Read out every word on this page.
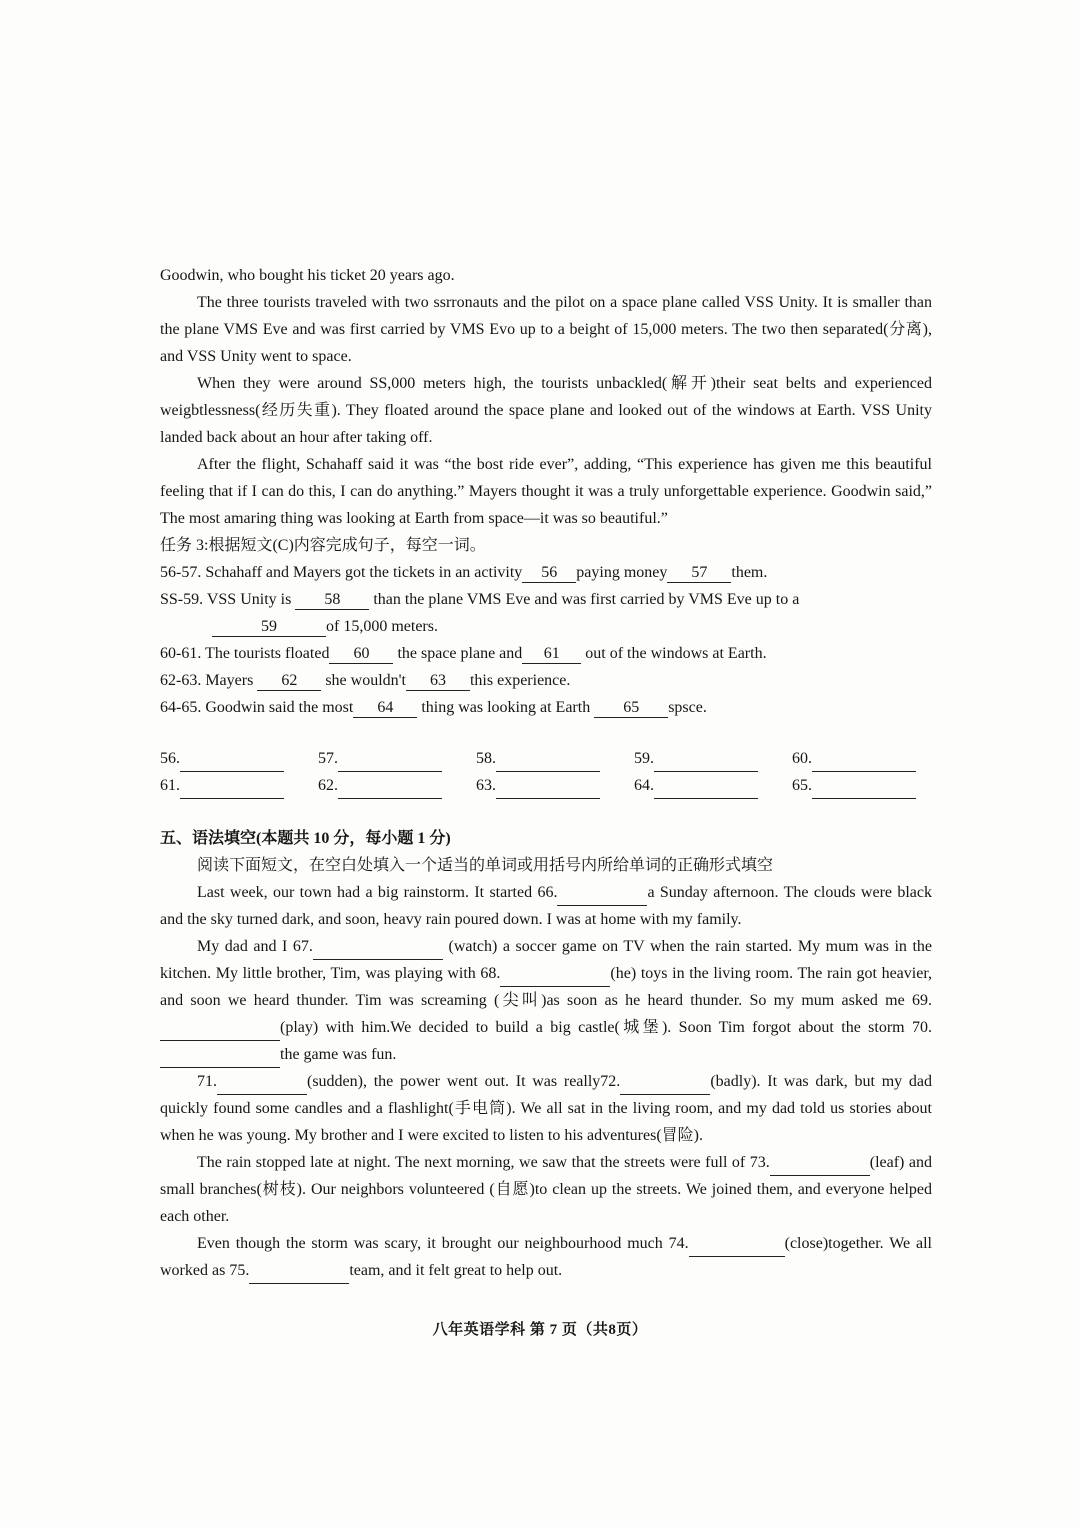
Goodwin, who bought his ticket 20 years ago.

The three tourists traveled with two ssrronauts and the pilot on a space plane called VSS Unity. It is smaller than the plane VMS Eve and was first carried by VMS Evo up to a beight of 15,000 meters. The two then separated(分离), and VSS Unity went to space.

When they were around SS,000 meters high, the tourists unbackled(解开)their seat belts and experienced weigbtlessness(经历失重). They floated around the space plane and looked out of the windows at Earth. VSS Unity landed back about an hour after taking off.

After the flight, Schahaff said it was “the bost ride ever”, adding, “This experience has given me this beautiful feeling that if I can do this, I can do anything.” Mayers thought it was a truly unforgettable experience. Goodwin said,” The most amaring thing was looking at Earth from space—it was so beautiful.”

任务 3:根据短文(C)内容完成句子，每空一词。

56-57. Schahaff and Mayers got the tickets in an activity 56 paying money 57 them.

SS-59. VSS Unity is 58 than the plane VMS Eve and was first carried by VMS Eve up to a

59	of 15,000 meters.

60-61. The tourists floated 60 the space plane and 61 out of the windows at Earth.

62-63. Mayers 62 she wouldn't 63 this experience.

64-65. Goodwin said the most 64 thing was looking at Earth 65 spsce.

56.	57.	58.	59.	60.
61.	62.	63.	64.	65.

五、语法填空(本题共 10 分，每小题 1 分)

阅读下面短文，在空白处填入一个适当的单词或用括号内所给单词的正确形式填空

Last week, our town had a big rainstorm. It started 66.	a Sunday afternoon. The clouds were black and the sky turned dark, and soon, heavy rain poured down. I was at home with my family.

My dad and I 67.	(watch) a soccer game on TV when the rain started. My mum was in the kitchen. My little brother, Tim, was playing with 68.	(he) toys in the living room. The rain got heavier, and soon we heard thunder. Tim was screaming (尖叫)as soon as he heard thunder. So my mum asked me 69.(play) with him.We decided to build a big castle(城堡). Soon Tim forgot about the storm 70.the game was fun.

71.	(sudden), the power went out. It was really72.	(badly). It was dark, but my dad quickly found some candles and a flashlight(手电筒). We all sat in the living room, and my dad told us stories about when he was young. My brother and I were excited to listen to his adventures(冒险).

The rain stopped late at night. The next morning, we saw that the streets were full of 73.	(leaf) and small branches(树枝). Our neighbors volunteered (自愿)to clean up the streets. We joined them, and everyone helped each other.

Even though the storm was scary, it brought our neighbourhood much 74.	(close)together. We all worked as 75.	team, and it felt great to help out.

八年英语学科 第 7 页（共8页）
